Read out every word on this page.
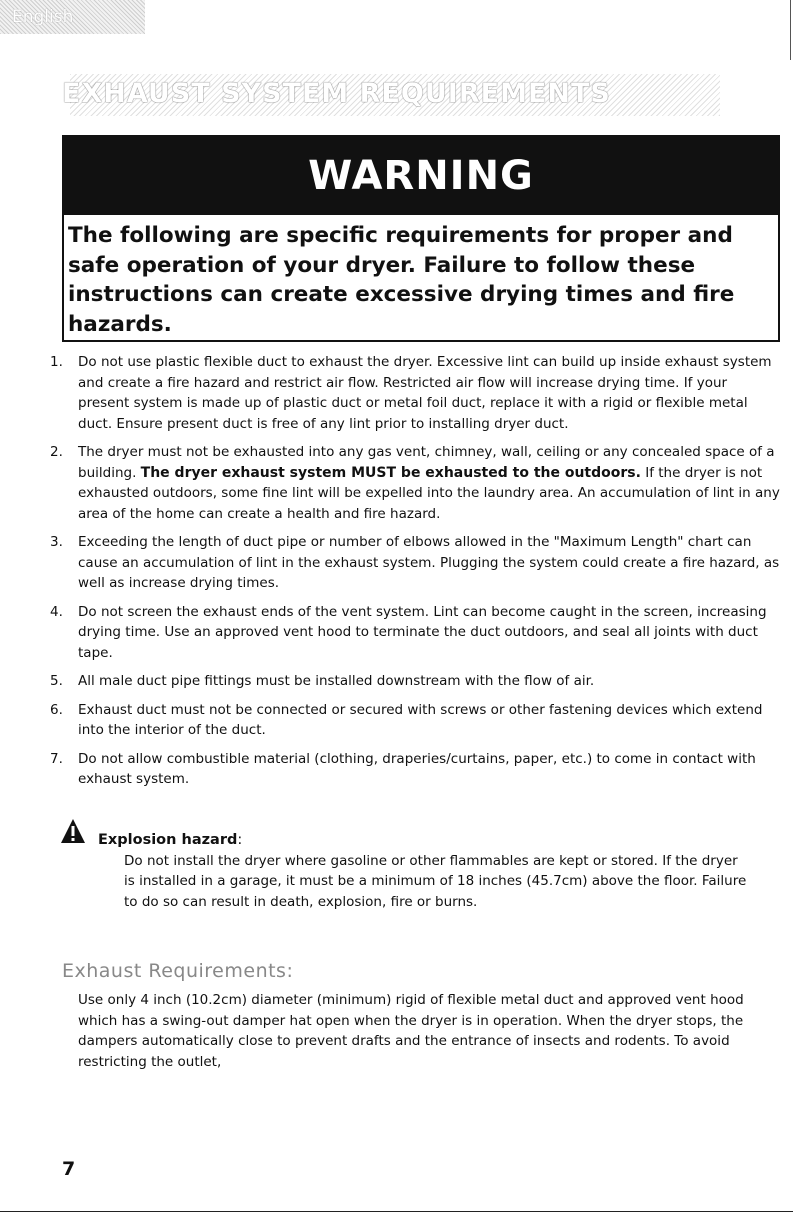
English
EXHAUST SYSTEM REQUIREMENTS
WARNING

The following are specific requirements for proper and safe operation of your dryer. Failure to follow these instructions can create excessive drying times and fire hazards.

1. Do not use plastic flexible duct to exhaust the dryer. Excessive lint can build up inside exhaust system and create a fire hazard and restrict air flow. Restricted air flow will increase drying time. If your present system is made up of plastic duct or metal foil duct, replace it with a rigid or flexible metal duct. Ensure present duct is free of any lint prior to installing dryer duct.
2. The dryer must not be exhausted into any gas vent, chimney, wall, ceiling or any concealed space of a building. The dryer exhaust system MUST be exhausted to the outdoors. If the dryer is not exhausted outdoors, some fine lint will be expelled into the laundry area. An accumulation of lint in any area of the home can create a health and fire hazard.
3. Exceeding the length of duct pipe or number of elbows allowed in the "Maximum Length" chart can cause an accumulation of lint in the exhaust system. Plugging the system could create a fire hazard, as well as increase drying times.
4. Do not screen the exhaust ends of the vent system. Lint can become caught in the screen, increasing drying time. Use an approved vent hood to terminate the duct outdoors, and seal all joints with duct tape.
5. All male duct pipe fittings must be installed downstream with the flow of air.
6. Exhaust duct must not be connected or secured with screws or other fastening devices which extend into the interior of the duct.
7. Do not allow combustible material (clothing, draperies/curtains, paper, etc.) to come in contact with exhaust system.
Explosion hazard:
Do not install the dryer where gasoline or other flammables are kept or stored. If the dryer is installed in a garage, it must be a minimum of 18 inches (45.7cm) above the floor. Failure to do so can result in death, explosion, fire or burns.
Exhaust Requirements:

Use only 4 inch (10.2cm) diameter (minimum) rigid of flexible metal duct and approved vent hood which has a swing-out damper hat open when the dryer is in operation. When the dryer stops, the dampers automatically close to prevent drafts and the entrance of insects and rodents. To avoid restricting the outlet,

7
